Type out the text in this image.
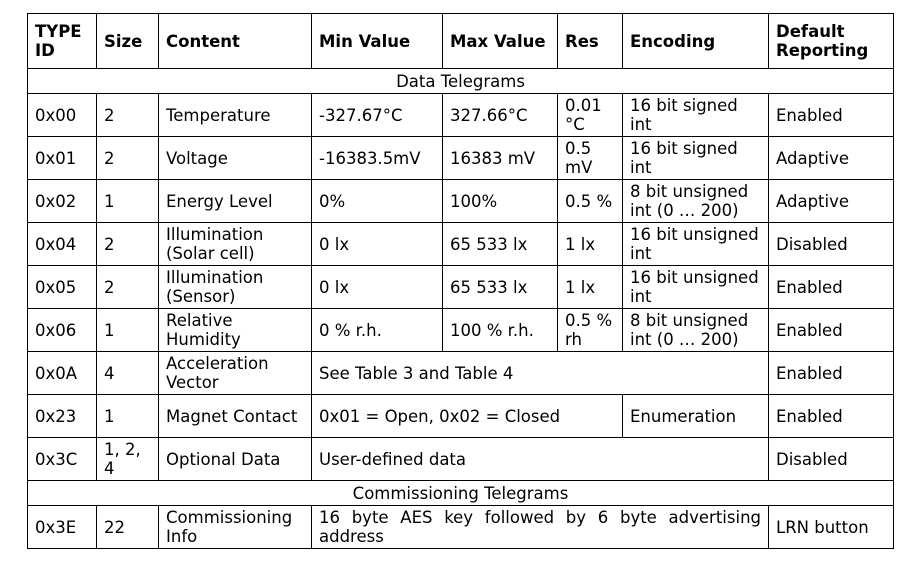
TYPE ID	Size	Content	Min Value	Max Value	Res	Encoding	Default Reporting
Data Telegrams							
0x00	2	Temperature	-327.67°C	327.66°C	0.01 °C	16 bit signed int	Enabled
0x01	2	Voltage	-16383.5mV	16383 mV	0.5 mV	16 bit signed int	Adaptive
0x02	1	Energy Level	0%	100%	0.5 %	8 bit unsigned int (0 … 200)	Adaptive
0x04	2	Illumination (Solar cell)	0 lx	65 533 lx	1 lx	16 bit unsigned int	Disabled
0x05	2	Illumination (Sensor)	0 lx	65 533 lx	1 lx	16 bit unsigned int	Enabled
0x06	1	Relative Humidity	0 % r.h.	100 % r.h.	0.5 % rh	8 bit unsigned int (0 … 200)	Enabled
0x0A	4	Acceleration Vector	See Table 3 and Table 4				Enabled
0x23	1	Magnet Contact	0x01 = Open, 0x02 = Closed			Enumeration	Enabled
0x3C	1, 2, 4	Optional Data	User-defined data				Disabled
Commissioning Telegrams							
0x3E	22	Commissioning Info	16 byte AES key followed by 6 byte advertising address				LRN button
